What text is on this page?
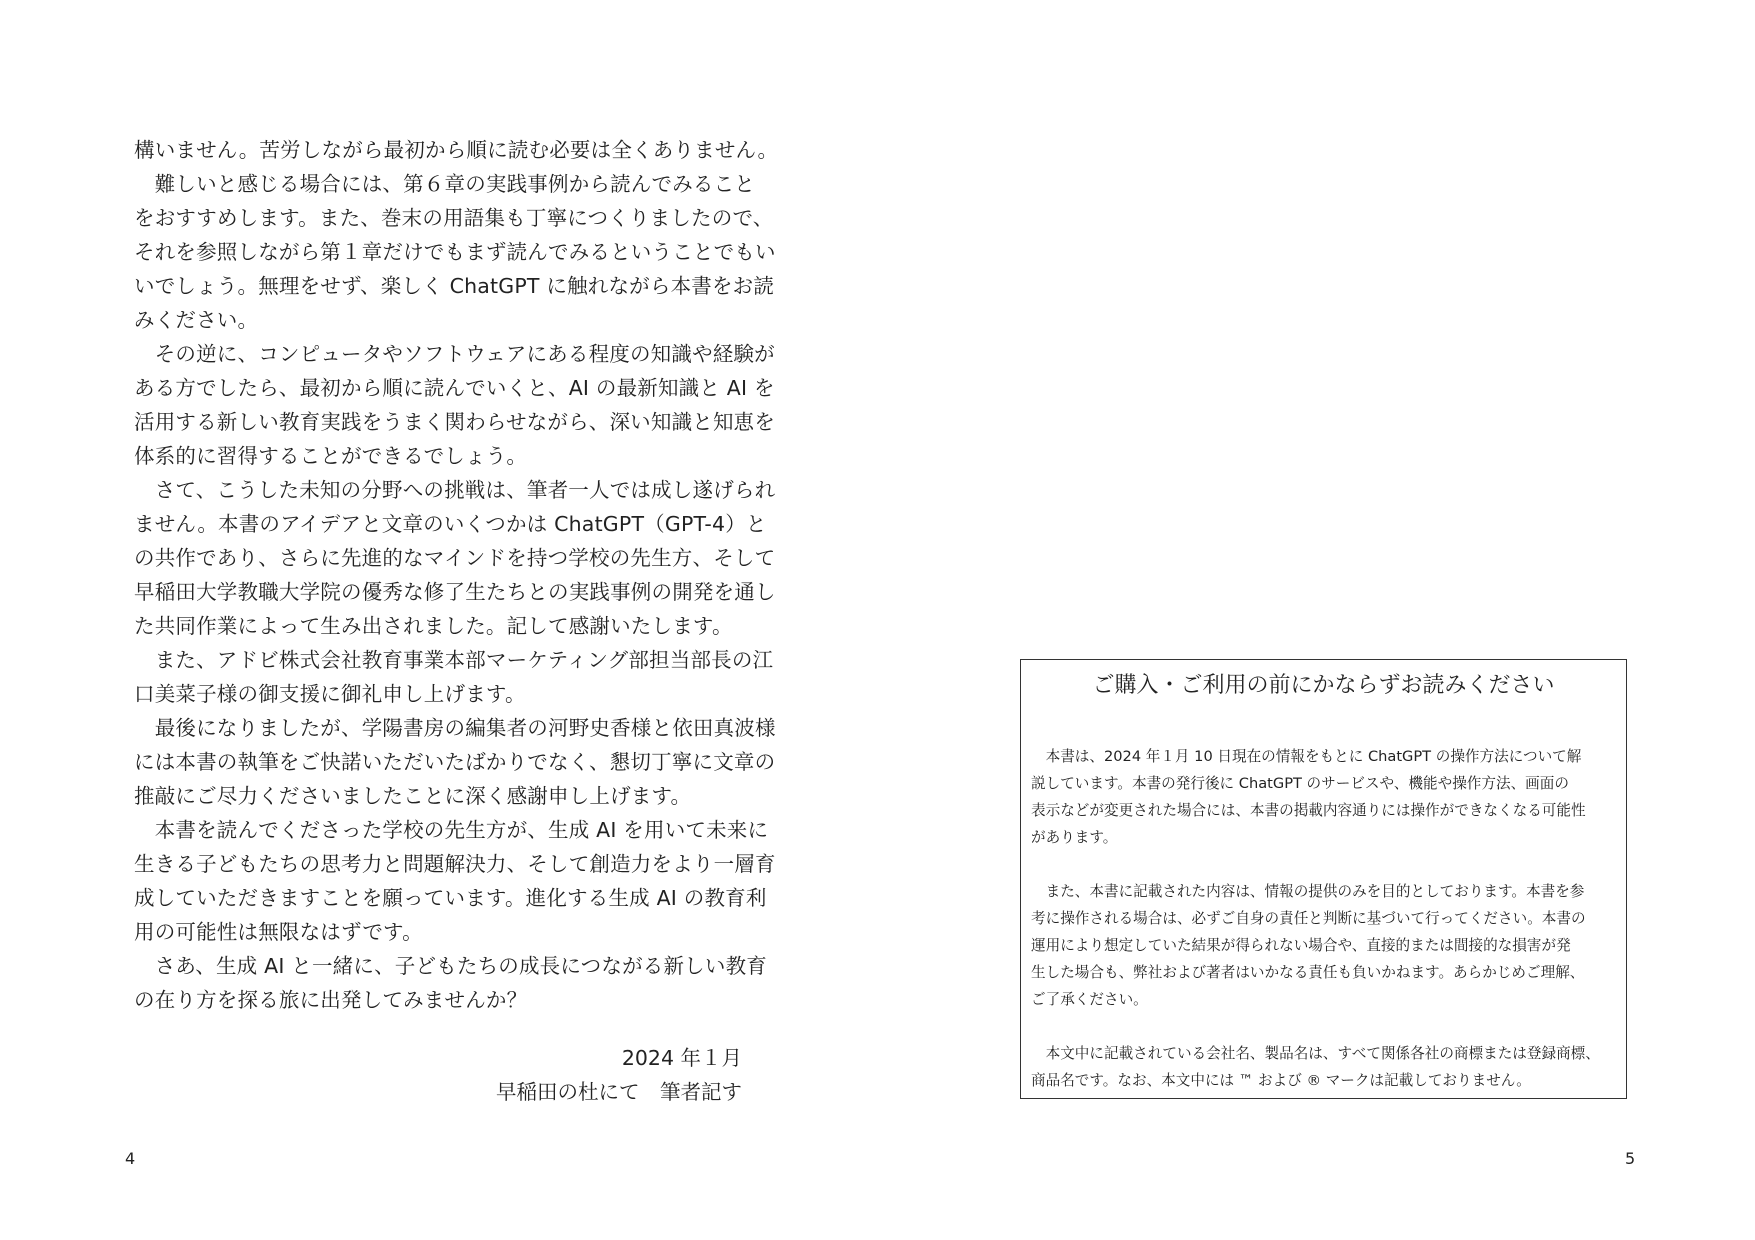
構いません。苦労しながら最初から順に読む必要は全くありません。
　難しいと感じる場合には、第６章の実践事例から読んでみること
をおすすめします。また、巻末の用語集も丁寧につくりましたので、
それを参照しながら第１章だけでもまず読んでみるということでもい
いでしょう。無理をせず、楽しく ChatGPT に触れながら本書をお読
みください。
　その逆に、コンピュータやソフトウェアにある程度の知識や経験が
ある方でしたら、最初から順に読んでいくと、AI の最新知識と AI を
活用する新しい教育実践をうまく関わらせながら、深い知識と知恵を
体系的に習得することができるでしょう。
　さて、こうした未知の分野への挑戦は、筆者一人では成し遂げられ
ません。本書のアイデアと文章のいくつかは ChatGPT（GPT-4）と
の共作であり、さらに先進的なマインドを持つ学校の先生方、そして
早稲田大学教職大学院の優秀な修了生たちとの実践事例の開発を通し
た共同作業によって生み出されました。記して感謝いたします。
　また、アドビ株式会社教育事業本部マーケティング部担当部長の江
口美菜子様の御支援に御礼申し上げます。
　最後になりましたが、学陽書房の編集者の河野史香様と依田真波様
には本書の執筆をご快諾いただいたばかりでなく、懇切丁寧に文章の
推敲にご尽力くださいましたことに深く感謝申し上げます。
　本書を読んでくださった学校の先生方が、生成 AI を用いて未来に
生きる子どもたちの思考力と問題解決力、そして創造力をより一層育
成していただきますことを願っています。進化する生成 AI の教育利
用の可能性は無限なはずです。
　さあ、生成 AI と一緒に、子どもたちの成長につながる新しい教育
の在り方を探る旅に出発してみませんか？
2024 年１月
早稲田の杜にて　筆者記す
4	5
ご購入・ご利用の前にかならずお読みください
　本書は、2024 年１月 10 日現在の情報をもとに ChatGPT の操作方法について解
説しています。本書の発行後に ChatGPT のサービスや、機能や操作方法、画面の
表示などが変更された場合には、本書の掲載内容通りには操作ができなくなる可能性
があります。
　また、本書に記載された内容は、情報の提供のみを目的としております。本書を参
考に操作される場合は、必ずご自身の責任と判断に基づいて行ってください。本書の
運用により想定していた結果が得られない場合や、直接的または間接的な損害が発
生した場合も、弊社および著者はいかなる責任も負いかねます。あらかじめご理解、
ご了承ください。
　本文中に記載されている会社名、製品名は、すべて関係各社の商標または登録商標、
商品名です。なお、本文中には ™ および ® マークは記載しておりません。
